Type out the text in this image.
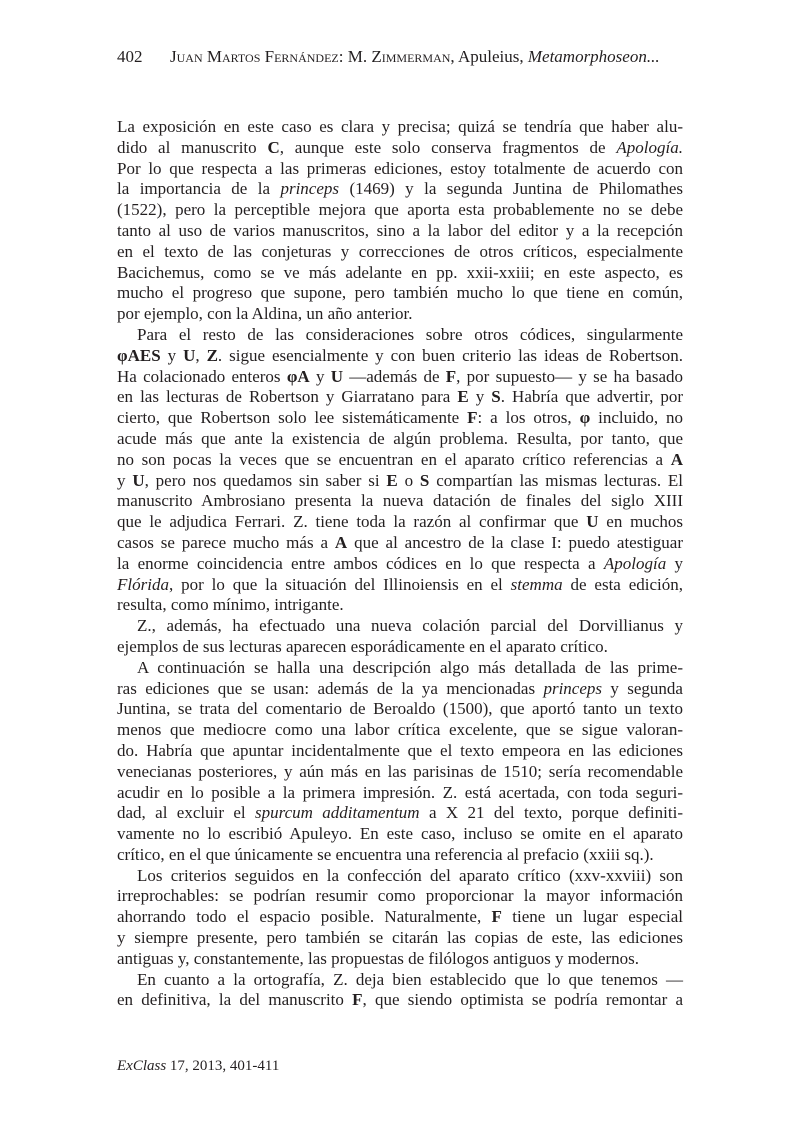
402 Juan Martos Fernández: M. Zimmerman, Apuleius, Metamorphoseon...
La exposición en este caso es clara y precisa; quizá se tendría que haber alu-
dido al manuscrito C, aunque este solo conserva fragmentos de Apología.
Por lo que respecta a las primeras ediciones, estoy totalmente de acuerdo con
la importancia de la princeps (1469) y la segunda Juntina de Philomathes
(1522), pero la perceptible mejora que aporta esta probablemente no se debe
tanto al uso de varios manuscritos, sino a la labor del editor y a la recepción
en el texto de las conjeturas y correcciones de otros críticos, especialmente
Bacichemus, como se ve más adelante en pp. xxii-xxiii; en este aspecto, es
mucho el progreso que supone, pero también mucho lo que tiene en común,
por ejemplo, con la Aldina, un año anterior.
Para el resto de las consideraciones sobre otros códices, singularmente
φAES y U, Z. sigue esencialmente y con buen criterio las ideas de Robertson.
Ha colacionado enteros φA y U —además de F, por supuesto— y se ha basado
en las lecturas de Robertson y Giarratano para E y S. Habría que advertir, por
cierto, que Robertson solo lee sistemáticamente F: a los otros, φ incluido, no
acude más que ante la existencia de algún problema. Resulta, por tanto, que
no son pocas la veces que se encuentran en el aparato crítico referencias a A
y U, pero nos quedamos sin saber si E o S compartían las mismas lecturas. El
manuscrito Ambrosiano presenta la nueva datación de finales del siglo XIII
que le adjudica Ferrari. Z. tiene toda la razón al confirmar que U en muchos
casos se parece mucho más a A que al ancestro de la clase I: puedo atestiguar
la enorme coincidencia entre ambos códices en lo que respecta a Apología y
Flórida, por lo que la situación del Illinoiensis en el stemma de esta edición,
resulta, como mínimo, intrigante.
Z., además, ha efectuado una nueva colación parcial del Dorvillianus y
ejemplos de sus lecturas aparecen esporádicamente en el aparato crítico.
A continuación se halla una descripción algo más detallada de las prime-
ras ediciones que se usan: además de la ya mencionadas princeps y segunda
Juntina, se trata del comentario de Beroaldo (1500), que aportó tanto un texto
menos que mediocre como una labor crítica excelente, que se sigue valoran-
do. Habría que apuntar incidentalmente que el texto empeora en las ediciones
venecianas posteriores, y aún más en las parisinas de 1510; sería recomendable
acudir en lo posible a la primera impresión. Z. está acertada, con toda seguri-
dad, al excluir el spurcum additamentum a X 21 del texto, porque definiti-
vamente no lo escribió Apuleyo. En este caso, incluso se omite en el aparato
crítico, en el que únicamente se encuentra una referencia al prefacio (xxiii sq.).
Los criterios seguidos en la confección del aparato crítico (xxv-xxviii) son
irreprochables: se podrían resumir como proporcionar la mayor información
ahorrando todo el espacio posible. Naturalmente, F tiene un lugar especial
y siempre presente, pero también se citarán las copias de este, las ediciones
antiguas y, constantemente, las propuestas de filólogos antiguos y modernos.
En cuanto a la ortografía, Z. deja bien establecido que lo que tenemos —
en definitiva, la del manuscrito F, que siendo optimista se podría remontar a
ExClass 17, 2013, 401-411
